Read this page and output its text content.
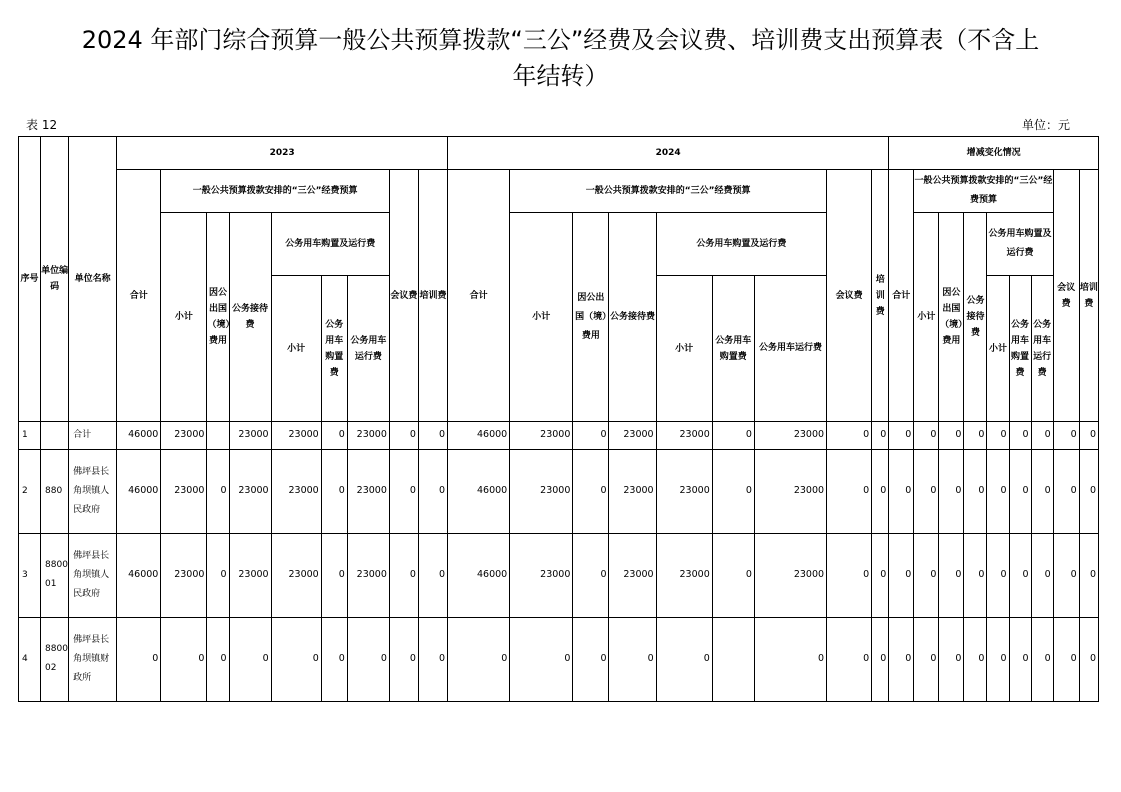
2024 年部门综合预算一般公共预算拨款“三公”经费及会议费、培训费支出预算表（不含上
年结转）
表 12	单位：元
序号	单位编码	单位名称	2023									2024									增减变化情况								
			合计	一般公共预算拨款安排的“三公”经费预算						会议费	培训费	合计	一般公共预算拨款安排的“三公”经费预算						会议费	培训费	合计	一般公共预算拨款安排的“三公”经费预算						会议费	培训费
				小计	因公出国（境）费用	公务接待费	公务用车购置及运行费						小计	因公出国（境）费用	公务接待费	公务用车购置及运行费						小计	因公出国（境）费用	公务接待费	公务用车购置及运行费				
							小计	公务用车购置费	公务用车运行费							小计	公务用车购置费	公务用车运行费							小计	公务用车购置费	公务用车运行费		
1		合计	46000	23000		23000	23000	0	23000	0	0	46000	23000	0	23000	23000	0	23000	0	0	0	0	0	0	0	0	0	0	0
2	880	佛坪县长角坝镇人民政府	46000	23000	0	23000	23000	0	23000	0	0	46000	23000	0	23000	23000	0	23000	0	0	0	0	0	0	0	0	0	0	0
3	880001	佛坪县长角坝镇人民政府	46000	23000	0	23000	23000	0	23000	0	0	46000	23000	0	23000	23000	0	23000	0	0	0	0	0	0	0	0	0	0	0
4	880002	佛坪县长角坝镇财政所	0	0	0	0	0	0	0	0	0	0	0	0	0	0		0	0	0	0	0	0	0	0	0	0	0	0
